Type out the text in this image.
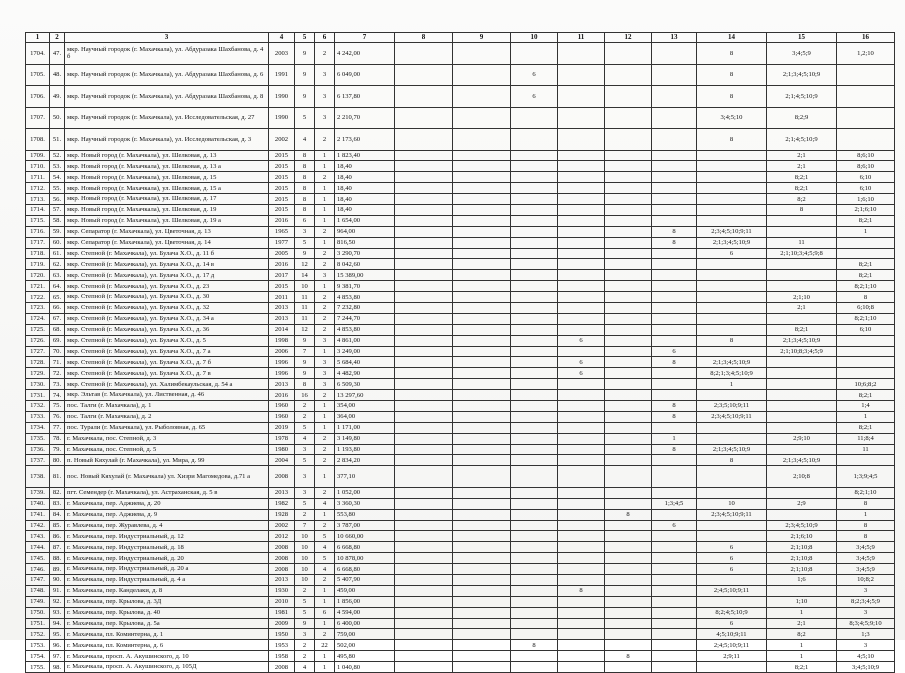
1	2	3	4	5	6	7	8	9	10	11	12	13	14	15	16
1704.	47.	мкр. Научный городок (г. Махачкала), ул. Абдуразака Шахбанова, д. 4 б	2003	9	2	4 242,00							8	3;4;5;9	1,2;10
1705.	48.	мкр. Научный городок (г. Махачкала), ул. Абдуразака Шахбанова, д. 6	1991	9	3	6 049,00			6				8	2;1;3;4;5;10;9	
1706.	49.	мкр. Научный городок (г. Махачкала), ул. Абдуразака Шахбанова, д. 8	1990	9	3	6 137,80			6				8	2;1;4;5;10;9	
1707.	50.	мкр. Научный городок (г. Махачкала), ул. Исследовательская, д. 27	1990	5	3	2 210,70							3;4;5;10	8;2;9	
1708.	51.	мкр. Научный городок (г. Махачкала), ул. Исследовательская, д. 3	2002	4	2	2 173,60							8	2;1;4;5;10;9	
1709.	52.	мкр. Новый город (г. Махачкала), ул. Шелковая, д. 13	2015	8	1	1 823,40								2;1	8;6;10
1710.	53.	мкр. Новый город (г. Махачкала), ул. Шелковая, д. 13 а	2015	8	1	18,40								2;1	8;6;10
1711.	54.	мкр. Новый город (г. Махачкала), ул. Шелковая, д. 15	2015	8	2	18,40								8;2;1	6;10
1712.	55.	мкр. Новый город (г. Махачкала), ул. Шелковая, д. 15 а	2015	8	1	18,40								8;2;1	6;10
1713.	56.	мкр. Новый город (г. Махачкала), ул. Шелковая, д. 17	2015	8	1	18,40								8;2	1;6;10
1714.	57.	мкр. Новый город (г. Махачкала), ул. Шелковая, д. 19	2015	8	1	18,40								8	2;1;6;10
1715.	58.	мкр. Новый город (г. Махачкала), ул. Шелковая, д. 19 а	2016	6	1	1 654,00									8;2;1
1716.	59.	мкр. Сепаратор (г. Махачкала), ул. Цветочная, д. 13	1965	3	2	964,00						8	2;3;4;5;10;9;11		1
1717.	60.	мкр. Сепаратор (г. Махачкала), ул. Цветочная, д. 14	1977	5	1	816,50						8	2;1;3;4;5;10;9	11	
1718.	61.	мкр. Степной (г. Махачкала), ул. Булача Х.О., д. 11 б	2005	9	2	3 290,70							6	2;1;10;3;4;5;9;8	
1719.	62.	мкр. Степной (г. Махачкала), ул. Булача Х.О., д. 14 в	2016	12	2	8 042,60									8;2;1
1720.	63.	мкр. Степной (г. Махачкала), ул. Булача Х.О., д. 17 д	2017	14	3	15 389,00									8;2;1
1721.	64.	мкр. Степной (г. Махачкала), ул. Булача Х.О., д. 23	2015	10	1	9 381,70									8;2;1;10
1722.	65.	мкр. Степной (г. Махачкала), ул. Булача Х.О., д. 30	2011	11	2	4 853,80								2;1;10	8
1723.	66.	мкр. Степной (г. Махачкала), ул. Булача Х.О., д. 32	2013	11	2	7 232,80								2;1	6;10;8
1724.	67.	мкр. Степной (г. Махачкала), ул. Булача Х.О., д. 34 а	2013	11	2	7 244,70									8;2;1;10
1725.	68.	мкр. Степной (г. Махачкала), ул. Булача Х.О., д. 36	2014	12	2	4 853,80								8;2;1	6;10
1726.	69.	мкр. Степной (г. Махачкала), ул. Булача Х.О., д. 5	1998	9	3	4 861,00				6			8	2;1;3;4;5;10;9	
1727.	70.	мкр. Степной (г. Махачкала), ул. Булача Х.О., д. 7 а	2006	7	1	3 249,00						6		2;1;10;8;3;4;5;9	
1728.	71.	мкр. Степной (г. Махачкала), ул. Булача Х.О., д. 7 б	1996	9	3	5 684,40				6		8	2;1;3;4;5;10;9		
1729.	72.	мкр. Степной (г. Махачкала), ул. Булача Х.О., д. 7 в	1996	9	3	4 482,90				6			8;2;1;3;4;5;10;9		
1730.	73.	мкр. Степной (г. Махачкала), ул. Халимбекаульская, д. 54 а	2013	8	3	6 509,30							1		10;6;8;2
1731.	74.	мкр. Эльтав (г. Махачкала), ул. Лиственная, д. 46	2016	16	2	13 297,60									8;2;1
1732.	75.	пос. Талги (г. Махачкала), д. 1	1960	2	1	354,00						8	2;3;5;10;9;11		1;4
1733.	76.	пос. Талги (г. Махачкала), д. 2	1960	2	1	364,00						8	2;3;4;5;10;9;11		1
1734.	77.	пос. Турали (г. Махачкала), ул. Рыболовная, д. 65	2019	5	1	1 171,00									8;2;1
1735.	78.	г. Махачкала, пос. Степной, д. 3	1978	4	2	3 149,80						1		2;9;10	11;8;4
1736.	79.	г. Махачкала, пос. Степной, д. 5	1980	3	2	1 193,80						8	2;1;3;4;5;10;9		11
1737.	80.	п. Новый Кяхулай (г. Махачкала), ул. Мира, д. 99	2004	5	2	2 834,20							8	2;1;3;4;5;10;9	
1738.	81.	пос. Новый Кяхулай (г. Махачкала) ул. Хизри Магомедова, д.71 а	2008	3	1	377,10								2;10;8	1;3;9;4;5
1739.	82.	пгт. Семендер (г. Махачкала), ул. Астраханская, д. 5 в	2013	3	2	1 052,00									8;2;1;10
1740.	83.	г. Махачкала, пер. Аджиева, д. 20	1982	5	4	3 360,30						1;3;4;5	10	2;9	8
1741.	84.	г. Махачкала, пер. Аджиева, д. 9	1928	2	1	553,80					8		2;3;4;5;10;9;11		1
1742.	85.	г. Махачкала, пер. Журавлева, д. 4	2002	7	2	3 787,00						6		2;3;4;5;10;9	8
1743.	86.	г. Махачкала, пер. Индустриальный, д. 12	2012	10	5	10 660,00								2;1;6;10	8
1744.	87.	г. Махачкала, пер. Индустриальный, д. 18	2008	10	4	6 668,80							6	2;1;10;8	3;4;5;9
1745.	88.	г. Махачкала, пер. Индустриальный, д. 20	2008	10	5	10 878,00							6	2;1;10;8	3;4;5;9
1746.	89.	г. Махачкала, пер. Индустриальный, д. 20 а	2008	10	4	6 668,80							6	2;1;10;8	3;4;5;9
1747.	90.	г. Махачкала, пер. Индустриальный, д. 4 а	2013	10	2	5 407,90								1;6	10;8;2
1748.	91.	г. Махачкала, пер. Канделаки, д. 8	1930	2	1	459,00				8			2;4;5;10;9;11		3
1749.	92.	г. Махачкала, пер. Крылова, д. 3Д	2010	5	1	1 856,00								1;10	8;2;3;4;5;9
1750.	93.	г. Махачкала, пер. Крылова, д. 40	1981	5	6	4 594,00							8;2;4;5;10;9	1	3
1751.	94.	г. Махачкала, пер. Крылова, д. 5а	2009	9	1	6 400,00							6	2;1	8;3;4;5;9;10
1752.	95.	г. Махачкала, пл. Коминтерна, д. 1	1950	3	2	759,00							4;5;10;9;11	8;2	1;3
1753.	96.	г. Махачкала, пл. Коминтерна, д. 6	1953	2	22	502,00			8				2;4;5;10;9;11	1	3
1754.	97.	г. Махачкала, просп. А. Акушинского, д. 10	1958	2	1	495,80					8		2;9;11	1	4;5;10
1755.	98.	г. Махачкала, просп. А. Акушинского, д. 105Д	2008	4	1	1 040,80								8;2;1	3;4;5;10;9
